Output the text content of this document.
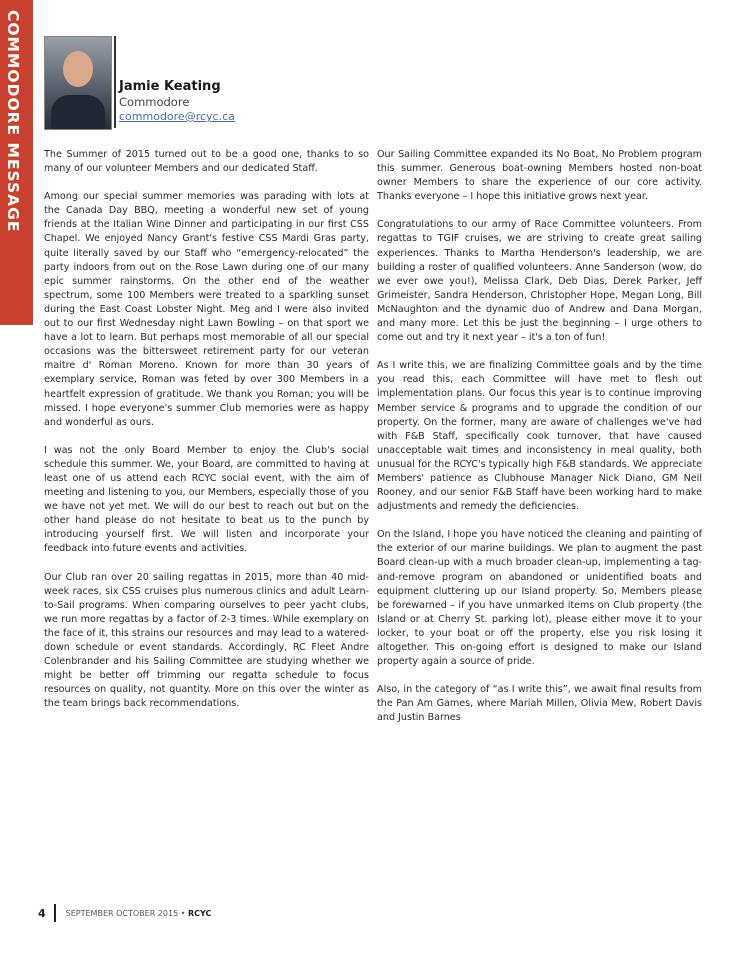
COMMODORE MESSAGE	Jamie Keating
Commodore
commodore@rcyc.ca

The Summer of 2015 turned out to be a good one, thanks to so many of our volunteer Members and our dedicated Staff.

Among our special summer memories was parading with lots at the Canada Day BBQ, meeting a wonderful new set of young friends at the Italian Wine Dinner and participating in our first CSS Chapel. We enjoyed Nancy Grant's festive CSS Mardi Gras party, quite literally saved by our Staff who “emergency-relocated” the party indoors from out on the Rose Lawn during one of our many epic summer rainstorms. On the other end of the weather spectrum, some 100 Members were treated to a sparkling sunset during the East Coast Lobster Night. Meg and I were also invited out to our first Wednesday night Lawn Bowling – on that sport we have a lot to learn. But perhaps most memorable of all our special occasions was the bittersweet retirement party for our veteran maitre d' Roman Moreno. Known for more than 30 years of exemplary service, Roman was feted by over 300 Members in a heartfelt expression of gratitude. We thank you Roman; you will be missed. I hope everyone's summer Club memories were as happy and wonderful as ours.

I was not the only Board Member to enjoy the Club's social schedule this summer. We, your Board, are committed to having at least one of us attend each RCYC social event, with the aim of meeting and listening to you, our Members, especially those of you we have not yet met. We will do our best to reach out but on the other hand please do not hesitate to beat us to the punch by introducing yourself first. We will listen and incorporate your feedback into future events and activities.

Our Club ran over 20 sailing regattas in 2015, more than 40 mid-week races, six CSS cruises plus numerous clinics and adult Learn-to-Sail programs. When comparing ourselves to peer yacht clubs, we run more regattas by a factor of 2-3 times. While exemplary on the face of it, this strains our resources and may lead to a watered-down schedule or event standards. Accordingly, RC Fleet Andre Colenbrander and his Sailing Committee are studying whether we might be better off trimming our regatta schedule to focus resources on quality, not quantity. More on this over the winter as the team brings back recommendations.

Our Sailing Committee expanded its No Boat, No Problem program this summer. Generous boat-owning Members hosted non-boat owner Members to share the experience of our core activity. Thanks everyone – I hope this initiative grows next year.

Congratulations to our army of Race Committee volunteers. From regattas to TGIF cruises, we are striving to create great sailing experiences. Thanks to Martha Henderson's leadership, we are building a roster of qualified volunteers. Anne Sanderson (wow, do we ever owe you!), Melissa Clark, Deb Dias, Derek Parker, Jeff Grimeister, Sandra Henderson, Christopher Hope, Megan Long, Bill McNaughton and the dynamic duo of Andrew and Dana Morgan, and many more. Let this be just the beginning – I urge others to come out and try it next year – it's a ton of fun!

As I write this, we are finalizing Committee goals and by the time you read this, each Committee will have met to flesh out implementation plans. Our focus this year is to continue improving Member service & programs and to upgrade the condition of our property. On the former, many are aware of challenges we've had with F&B Staff, specifically cook turnover, that have caused unacceptable wait times and inconsistency in meal quality, both unusual for the RCYC's typically high F&B standards. We appreciate Members' patience as Clubhouse Manager Nick Diano, GM Neil Rooney, and our senior F&B Staff have been working hard to make adjustments and remedy the deficiencies.

On the Island, I hope you have noticed the cleaning and painting of the exterior of our marine buildings. We plan to augment the past Board clean-up with a much broader clean-up, implementing a tag-and-remove program on abandoned or unidentified boats and equipment cluttering up our Island property. So, Members please be forewarned – if you have unmarked items on Club property (the Island or at Cherry St. parking lot), please either move it to your locker, to your boat or off the property, else you risk losing it altogether. This on-going effort is designed to make our Island property again a source of pride.

Also, in the category of “as I write this”, we await final results from the Pan Am Games, where Mariah Millen, Olivia Mew, Robert Davis and Justin Barnes

4	SEPTEMBER OCTOBER 2015
•
RCYC
